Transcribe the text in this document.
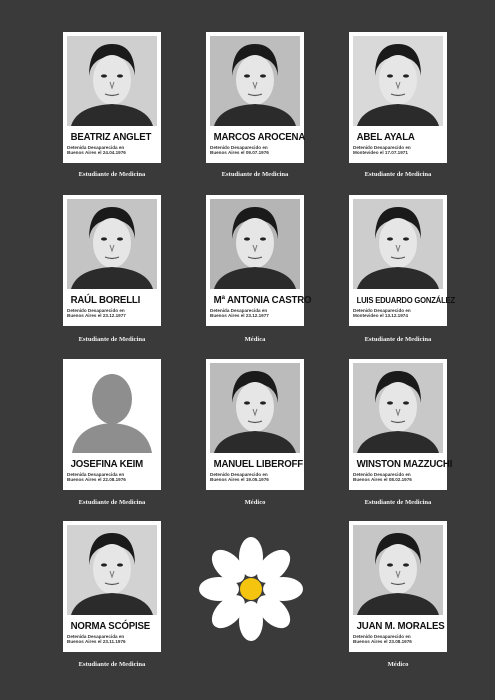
BEATRIZ ANGLET
Detenida Desaparecida en
Buenos Aires el 24.04.1976
Estudiante de Medicina
MARCOS AROCENA
Detenido Desaparecido en
Buenos Aires el 09.07.1976
Estudiante de Medicina
ABEL AYALA
Detenido Desaparecido en
Montevideo el 17.07.1971
Estudiante de Medicina
RAÚL BORELLI
Detenido Desaparecido en
Buenos Aires el 23.12.1977
Estudiante de Medicina
Mª ANTONIA CASTRO
Detenida Desaparecida en
Buenos Aires el 23.12.1977
Médica
LUIS EDUARDO GONZÁLEZ
Detenido Desaparecido en
Montevideo el 13.12.1974
Estudiante de Medicina
JOSEFINA KEIM
Detenida Desaparecida en
Buenos Aires el 22.08.1976
Estudiante de Medicina
MANUEL LIBEROFF
Detenido Desaparecido en
Buenos Aires el 19.05.1976
Médico
WINSTON MAZZUCHI
Detenido Desaparecido en
Buenos Aires el 08.02.1976
Estudiante de Medicina
NORMA SCÓPISE
Detenida Desaparecida en
Buenos Aires el 23.11.1976
Estudiante de Medicina
JUAN M. MORALES
Detenido Desaparecido en
Buenos Aires el 23.08.1976
Médico
